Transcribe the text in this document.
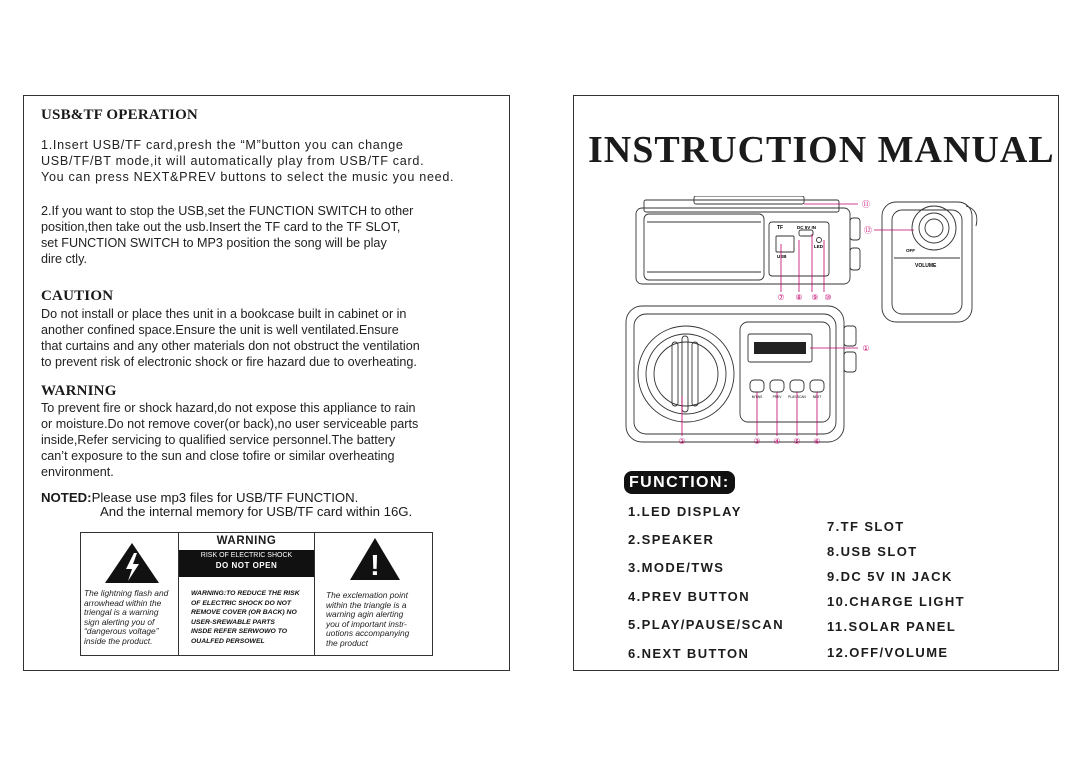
USB&TF OPERATION
1.Insert USB/TF card,presh the “M”button you can change
USB/TF/BT mode,it will automatically play from USB/TF card.
You can press NEXT&PREV buttons to select the music you need.
2.If you want to stop the USB,set the FUNCTION SWITCH to other
position,then take out the usb.Insert the TF card to the TF SLOT,
set FUNCTION SWITCH to MP3 position the song will be play
dire ctly.
CAUTION
Do not install or place thes unit in a bookcase built in cabinet or in
another confined space.Ensure the unit is well ventilated.Ensure
that curtains and any other materials don not obstruct the ventilation
to prevent risk of electronic shock or fire hazard due to overheating.
WARNING
To prevent fire or shock hazard,do not expose this appliance to rain
or moisture.Do not remove cover(or back),no user serviceable parts
inside,Refer servicing to qualified service personnel.The battery
can’t exposure to the sun and close tofire or similar overheating
environment.
NOTED:Please use mp3 files for USB/TF FUNCTION.
And the internal memory for USB/TF card within 16G.
The lightning flash and
arrowhead within the
triengal is a warning
sign alerting you of
“dangerous voltage”
inside the product.
WARNING
RISK OF ELECTRIC SHOCK
DO NOT OPEN
WARNING:TO REDUCE THE RISK
OF ELECTRIC SHOCK DO NOT
REMOVE COVER (OR BACK) NO
USER-SREWABLE PARTS
INSDE REFER SERWOWO TO
OUALFED PERSOWEL
!
The exclemation point
within the triangle is a
warning agin alerting
you of important instr-
uotions accompanying
the product
INSTRUCTION MANUAL
TF	DC 5V IN
USB
LED
OFF
VOLUME
M/TWS	PREV PLAY/SCAN NEXT
⑦ ⑧ ⑨ ⑩
⑪
⑫
①
②	③ ④ ⑤ ⑥
FUNCTION:
1.LED DISPLAY
2.SPEAKER
3.MODE/TWS
4.PREV BUTTON
5.PLAY/PAUSE/SCAN
6.NEXT BUTTON
7.TF SLOT
8.USB SLOT
9.DC 5V IN JACK
10.CHARGE LIGHT
11.SOLAR PANEL
12.OFF/VOLUME
